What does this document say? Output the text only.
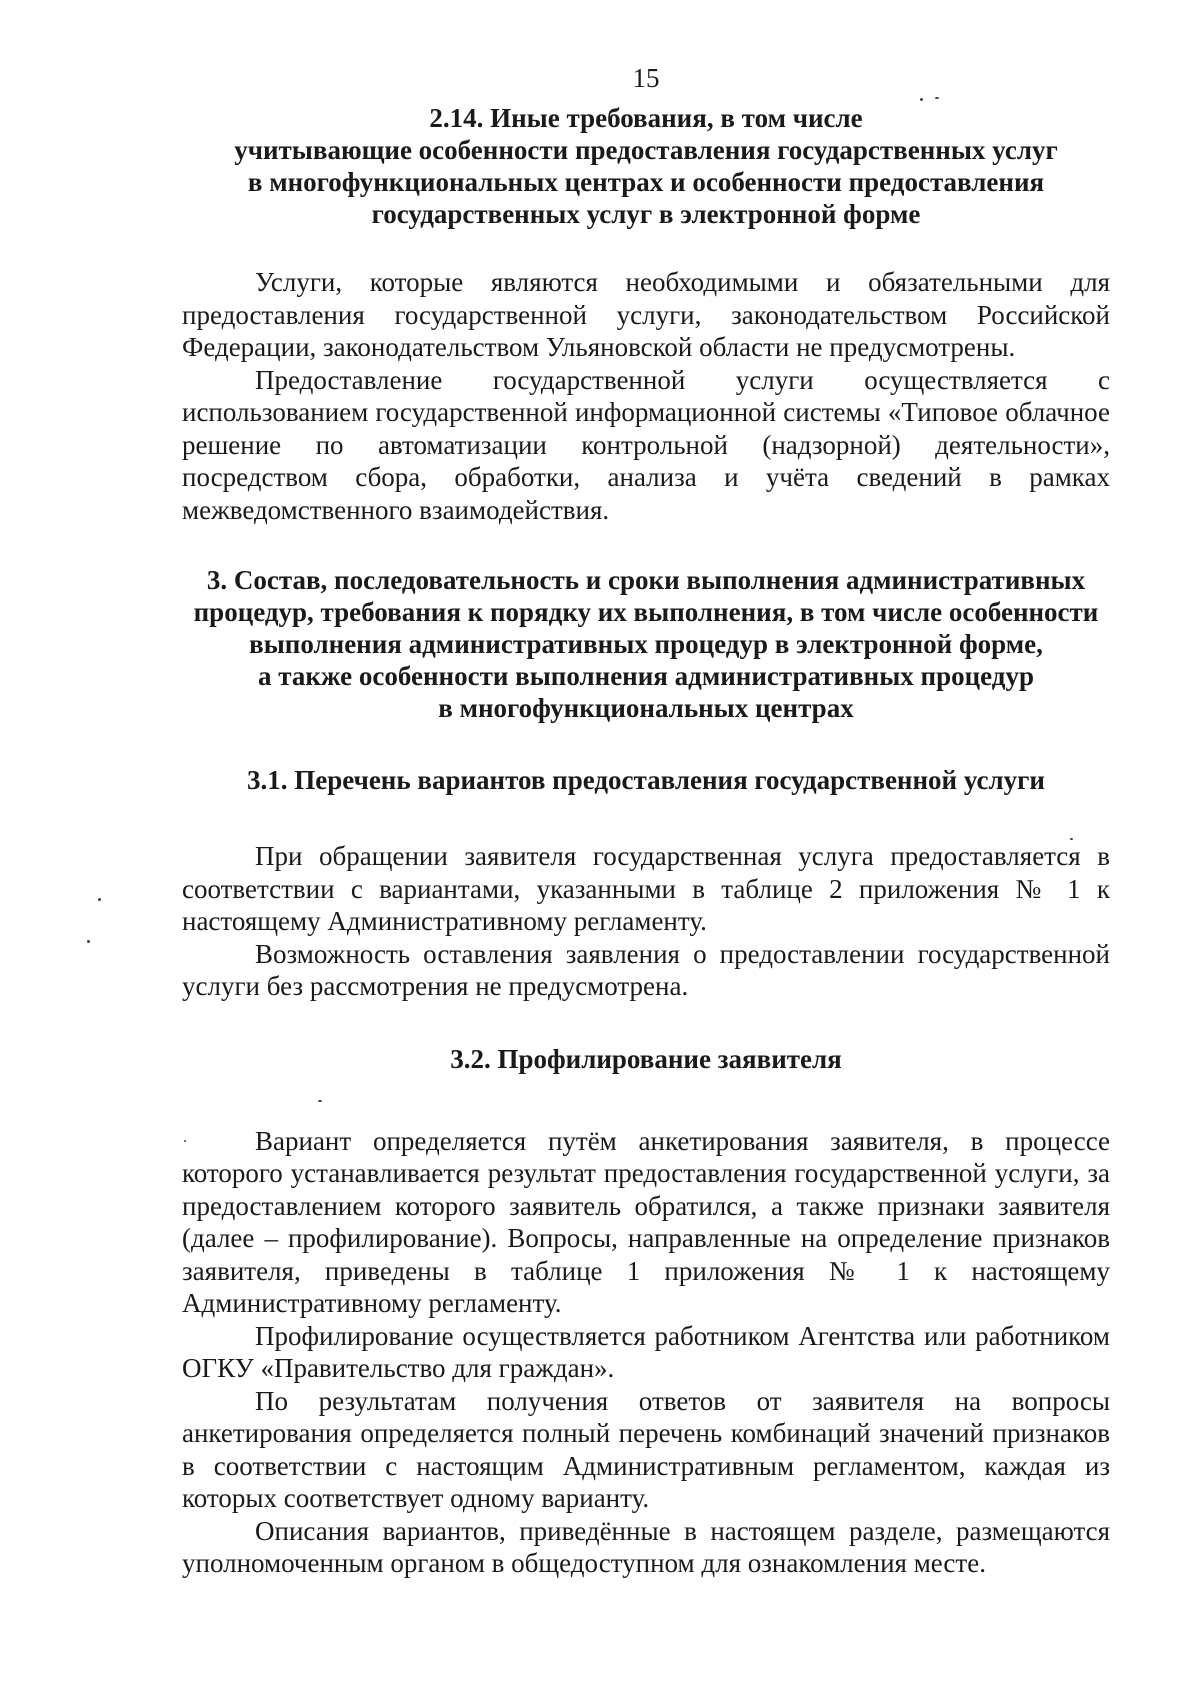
15
2.14. Иные требования, в том числе
учитывающие особенности предоставления государственных услуг
в многофункциональных центрах и особенности предоставления
государственных услуг в электронной форме

Услуги, которые являются необходимыми и обязательными для предоставления государственной услуги, законодательством Российской Федерации, законодательством Ульяновской области не предусмотрены.

Предоставление государственной услуги осуществляется с использованием государственной информационной системы «Типовое облачное решение по автоматизации контрольной (надзорной) деятельности», посредством сбора, обработки, анализа и учёта сведений в рамках межведомственного взаимодействия.

3. Состав, последовательность и сроки выполнения административных
процедур, требования к порядку их выполнения, в том числе особенности
выполнения административных процедур в электронной форме,
а также особенности выполнения административных процедур
в многофункциональных центрах
3.1. Перечень вариантов предоставления государственной услуги

При обращении заявителя государственная услуга предоставляется в соответствии с вариантами, указанными в таблице 2 приложения № 1 к настоящему Административному регламенту.

Возможность оставления заявления о предоставлении государственной услуги без рассмотрения не предусмотрена.

3.2. Профилирование заявителя

Вариант определяется путём анкетирования заявителя, в процессе которого устанавливается результат предоставления государственной услуги, за предоставлением которого заявитель обратился, а также признаки заявителя (далее – профилирование). Вопросы, направленные на определение признаков заявителя, приведены в таблице 1 приложения № 1 к настоящему Административному регламенту.

Профилирование осуществляется работником Агентства или работником ОГКУ «Правительство для граждан».

По результатам получения ответов от заявителя на вопросы анкетирования определяется полный перечень комбинаций значений признаков в соответствии с настоящим Административным регламентом, каждая из которых соответствует одному варианту.

Описания вариантов, приведённые в настоящем разделе, размещаются уполномоченным органом в общедоступном для ознакомления месте.
